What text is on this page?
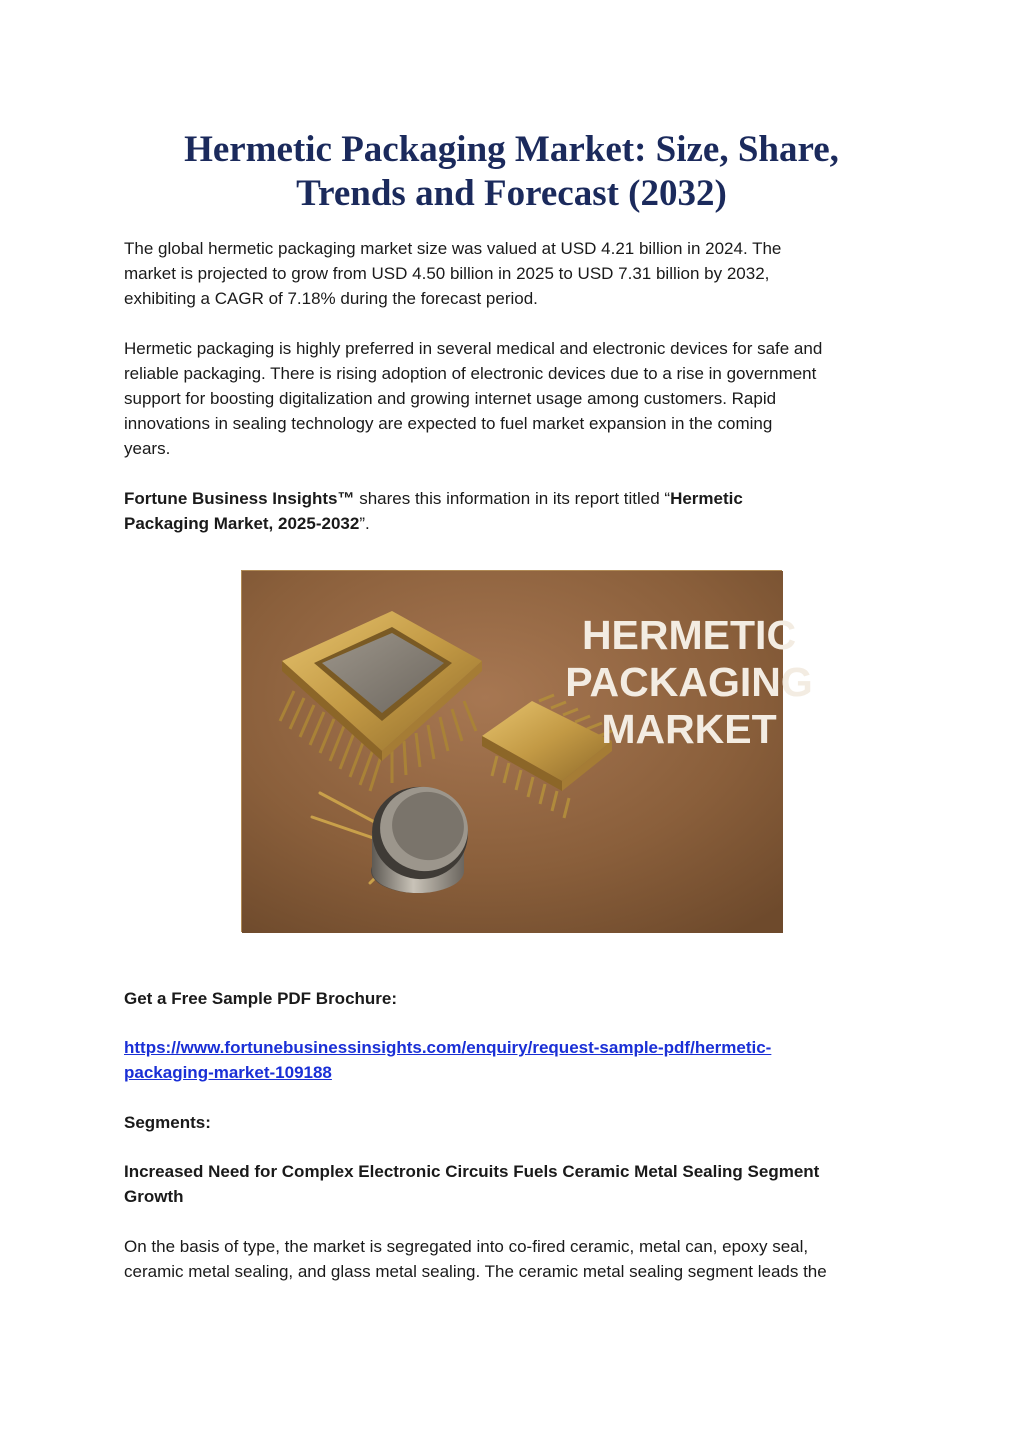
Hermetic Packaging Market: Size, Share,
Trends and Forecast (2032)

The global hermetic packaging market size was valued at USD 4.21 billion in 2024. The
market is projected to grow from USD 4.50 billion in 2025 to USD 7.31 billion by 2032,
exhibiting a CAGR of 7.18% during the forecast period.

Hermetic packaging is highly preferred in several medical and electronic devices for safe and
reliable packaging. There is rising adoption of electronic devices due to a rise in government
support for boosting digitalization and growing internet usage among customers. Rapid
innovations in sealing technology are expected to fuel market expansion in the coming
years.

Fortune Business Insights™ shares this information in its report titled “Hermetic
Packaging Market, 2025-2032”.

HERMETIC
PACKAGING
MARKET

Get a Free Sample PDF Brochure:

https://www.fortunebusinessinsights.com/enquiry/request-sample-pdf/hermetic-
packaging-market-109188

Segments:

Increased Need for Complex Electronic Circuits Fuels Ceramic Metal Sealing Segment
Growth

On the basis of type, the market is segregated into co-fired ceramic, metal can, epoxy seal,
ceramic metal sealing, and glass metal sealing. The ceramic metal sealing segment leads the
